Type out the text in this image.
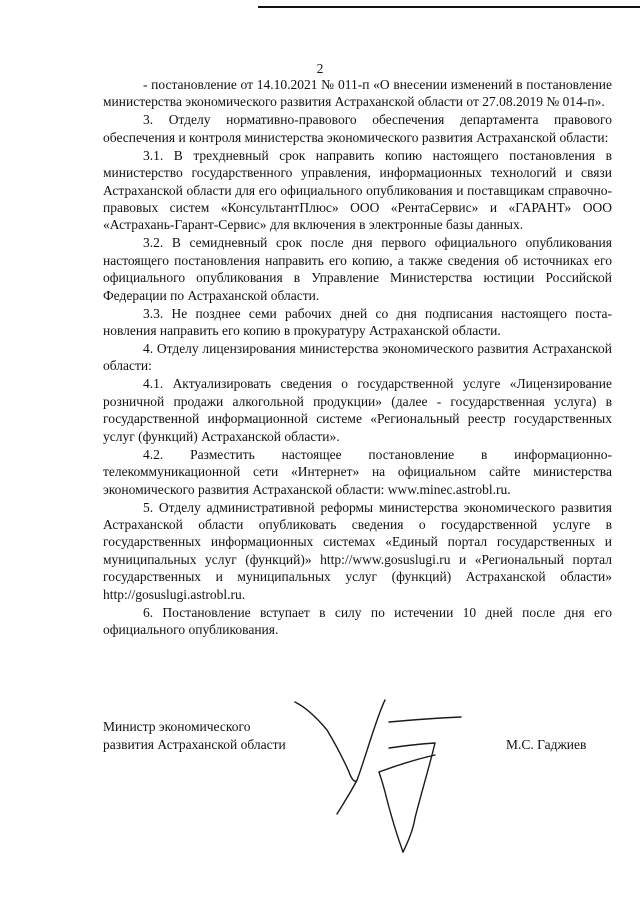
2

- постановление от 14.10.2021 № 011-п «О внесении изменений в постановление министерства экономического развития Астраханской области от 27.08.2019 № 014-п».

3. Отделу нормативно-правового обеспечения департамента правового обеспечения и контроля министерства экономического развития Астраханской области:

3.1. В трехдневный срок направить копию настоящего постановления в министерство государственного управления, информационных технологий и связи Астраханской области для его официального опубликования и поставщикам справочно-правовых систем «КонсультантПлюс» ООО «РентаСервис» и «ГАРАНТ» ООО «Астрахань-Гарант-Сервис» для включения в электронные базы данных.

3.2. В семидневный срок после дня первого официального опубликования настоящего постановления направить его копию, а также сведения об источниках его официального опубликования в Управление Министерства юстиции Российской Федерации по Астраханской области.

3.3. Не позднее семи рабочих дней со дня подписания настоящего постановления направить его копию в прокуратуру Астраханской области.

4. Отделу лицензирования министерства экономического развития Астраханской области:

4.1. Актуализировать сведения о государственной услуге «Лицензирование розничной продажи алкогольной продукции» (далее - государственная услуга) в государственной информационной системе «Региональный реестр государственных услуг (функций) Астраханской области».

4.2. Разместить настоящее постановление в информационно-телекоммуникационной сети «Интернет» на официальном сайте министерства экономического развития Астраханской области: www.minec.astrobl.ru.

5. Отделу административной реформы министерства экономического развития Астраханской области опубликовать сведения о государственной услуге в государственных информационных системах «Единый портал государственных и муниципальных услуг (функций)» http://www.gosuslugi.ru и «Региональный портал государственных и муниципальных услуг (функций) Астраханской области» http://gosuslugi.astrobl.ru.

6. Постановление вступает в силу по истечении 10 дней после дня его официального опубликования.

Министр экономического
развития Астраханской области	М.С. Гаджиев
